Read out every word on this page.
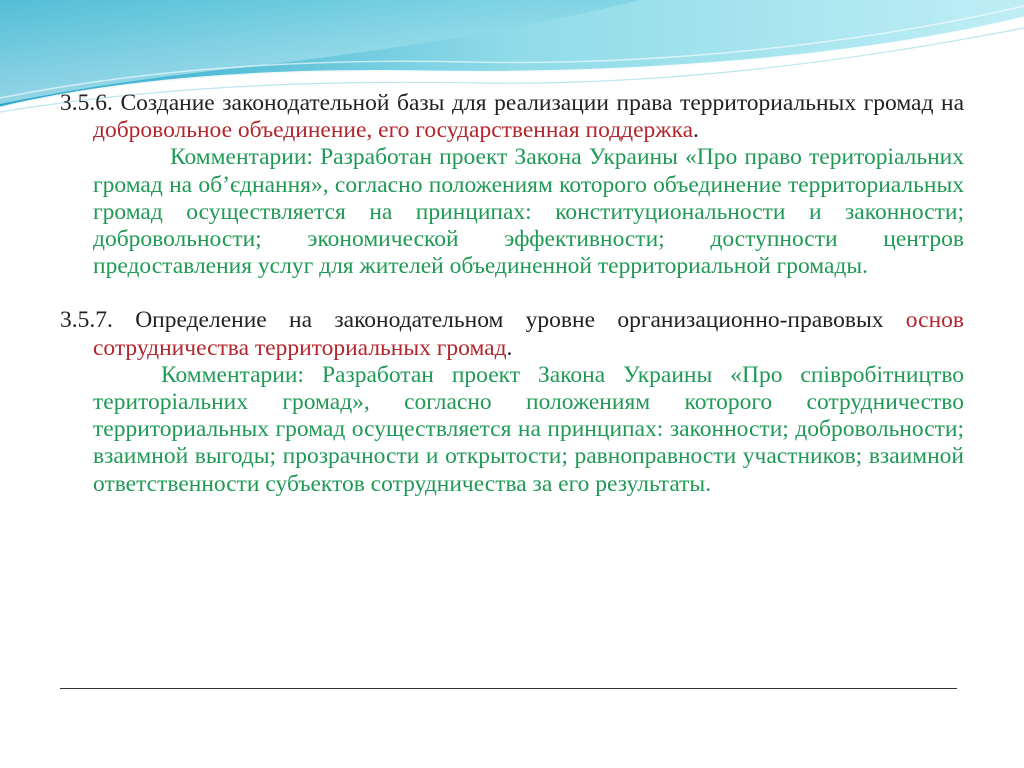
3.5.6. Создание законодательной базы для реализации права территориальных громад на добровольное объединение, его государственная поддержка.

Комментарии: Разработан проект Закона Украины «Про право територіальних громад на об’єднання», согласно положениям которого объединение территориальных громад осуществляется на принципах: конституциональности и законности; добровольности; экономической эффективности; доступности центров предоставления услуг для жителей объединенной территориальной громады.

3.5.7. Определение на законодательном уровне организационно-правовых основ сотрудничества территориальных громад.

Комментарии: Разработан проект Закона Украины «Про співробітництво територіальних громад», согласно положениям которого сотрудничество территориальных громад осуществляется на принципах: законности; добровольности; взаимной выгоды; прозрачности и открытости; равноправности участников; взаимной ответственности субъектов сотрудничества за его результаты.
